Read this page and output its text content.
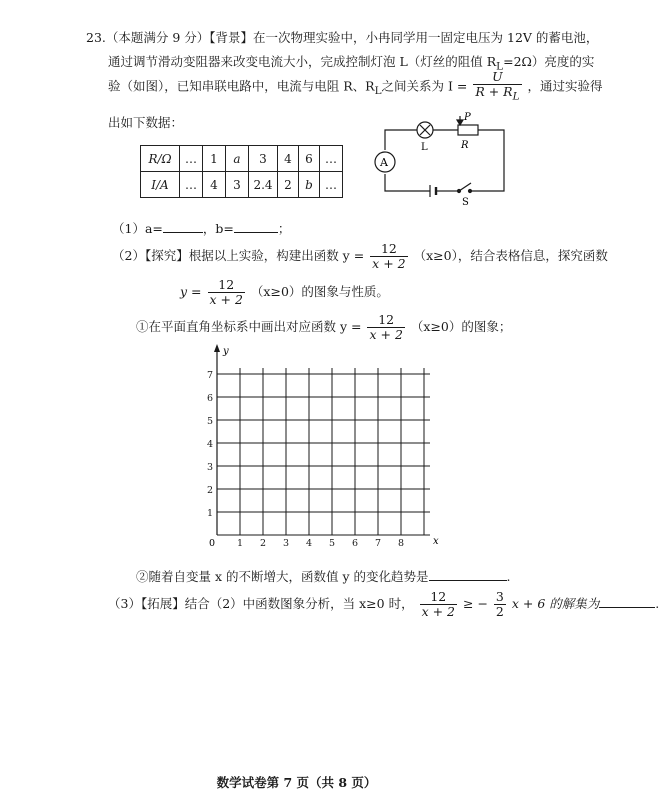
23.（本题满分 9 分）【背景】在一次物理实验中，小冉同学用一固定电压为 12V 的蓄电池，
通过调节滑动变阻器来改变电流大小，完成控制灯泡 L（灯丝的阻值 $R_L=2\Omega$）亮度的实
验（如图），已知串联电路中，电流与电阻 R、$R_L$之间关系为 $I = \frac{U}{R + R_L}$ ，通过实验得
出如下数据：
R/Ω	…	1	a	3	4	6	…
I/A	…	4	3	2.4	2	b	…
P
L	R
A
S
（1）a=	，b=	；
（2）【探究】根据以上实验，构建出函数 $y = \frac{12}{x + 2} (x\ge 0)$，结合表格信息，探究函数
$y = \frac{12}{x + 2} (x\ge 0)$的图象与性质。
①在平面直角坐标系中画出对应函数 $y = \frac{12}{x + 2} (x\ge 0)$的图象；
1 2 3 4 5 6 7 8
1
2
3
4
5
6
7
y
x
0
②随着自变量 x 的不断增大，函数值 y 的变化趋势是	.
（3）【拓展】结合（2）中函数图象分析，当 x≥0 时， $\frac{12}{x + 2}$ ≥ − $\frac{3}{2}$ x + 6 的解集为	.
数学试卷第 7 页（共 8 页）
